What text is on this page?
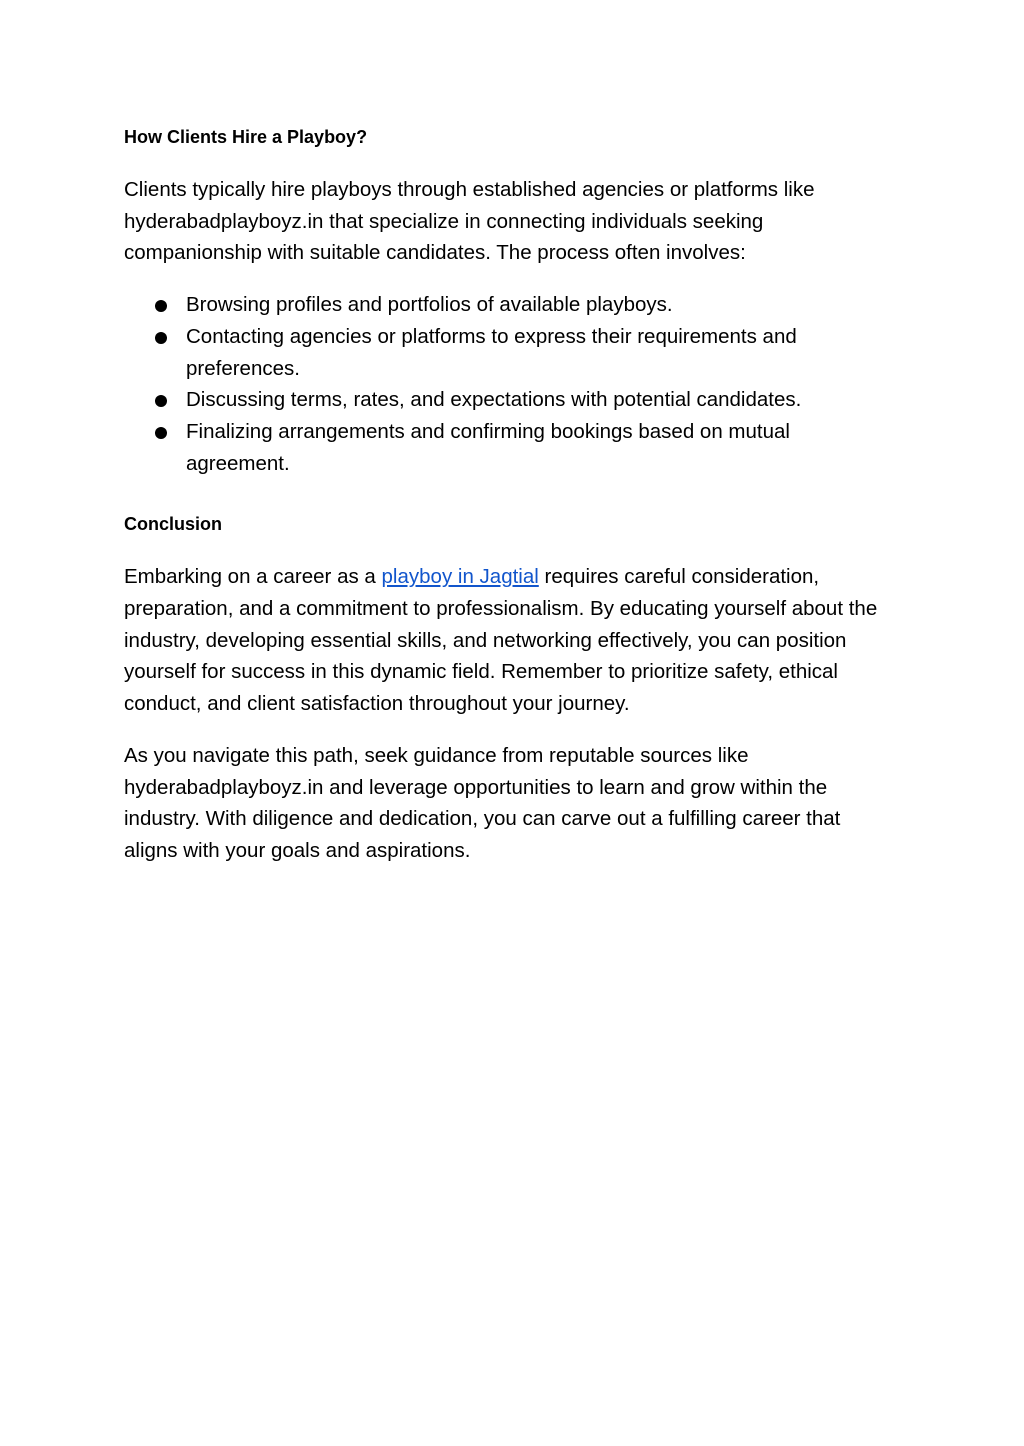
How Clients Hire a Playboy?

Clients typically hire playboys through established agencies or platforms like hyderabadplayboyz.in that specialize in connecting individuals seeking companionship with suitable candidates. The process often involves:

Browsing profiles and portfolios of available playboys.
Contacting agencies or platforms to express their requirements and preferences.
Discussing terms, rates, and expectations with potential candidates.
Finalizing arrangements and confirming bookings based on mutual agreement.
Conclusion

Embarking on a career as a playboy in Jagtial requires careful consideration, preparation, and a commitment to professionalism. By educating yourself about the industry, developing essential skills, and networking effectively, you can position yourself for success in this dynamic field. Remember to prioritize safety, ethical conduct, and client satisfaction throughout your journey.

As you navigate this path, seek guidance from reputable sources like hyderabadplayboyz.in and leverage opportunities to learn and grow within the industry. With diligence and dedication, you can carve out a fulfilling career that aligns with your goals and aspirations.
